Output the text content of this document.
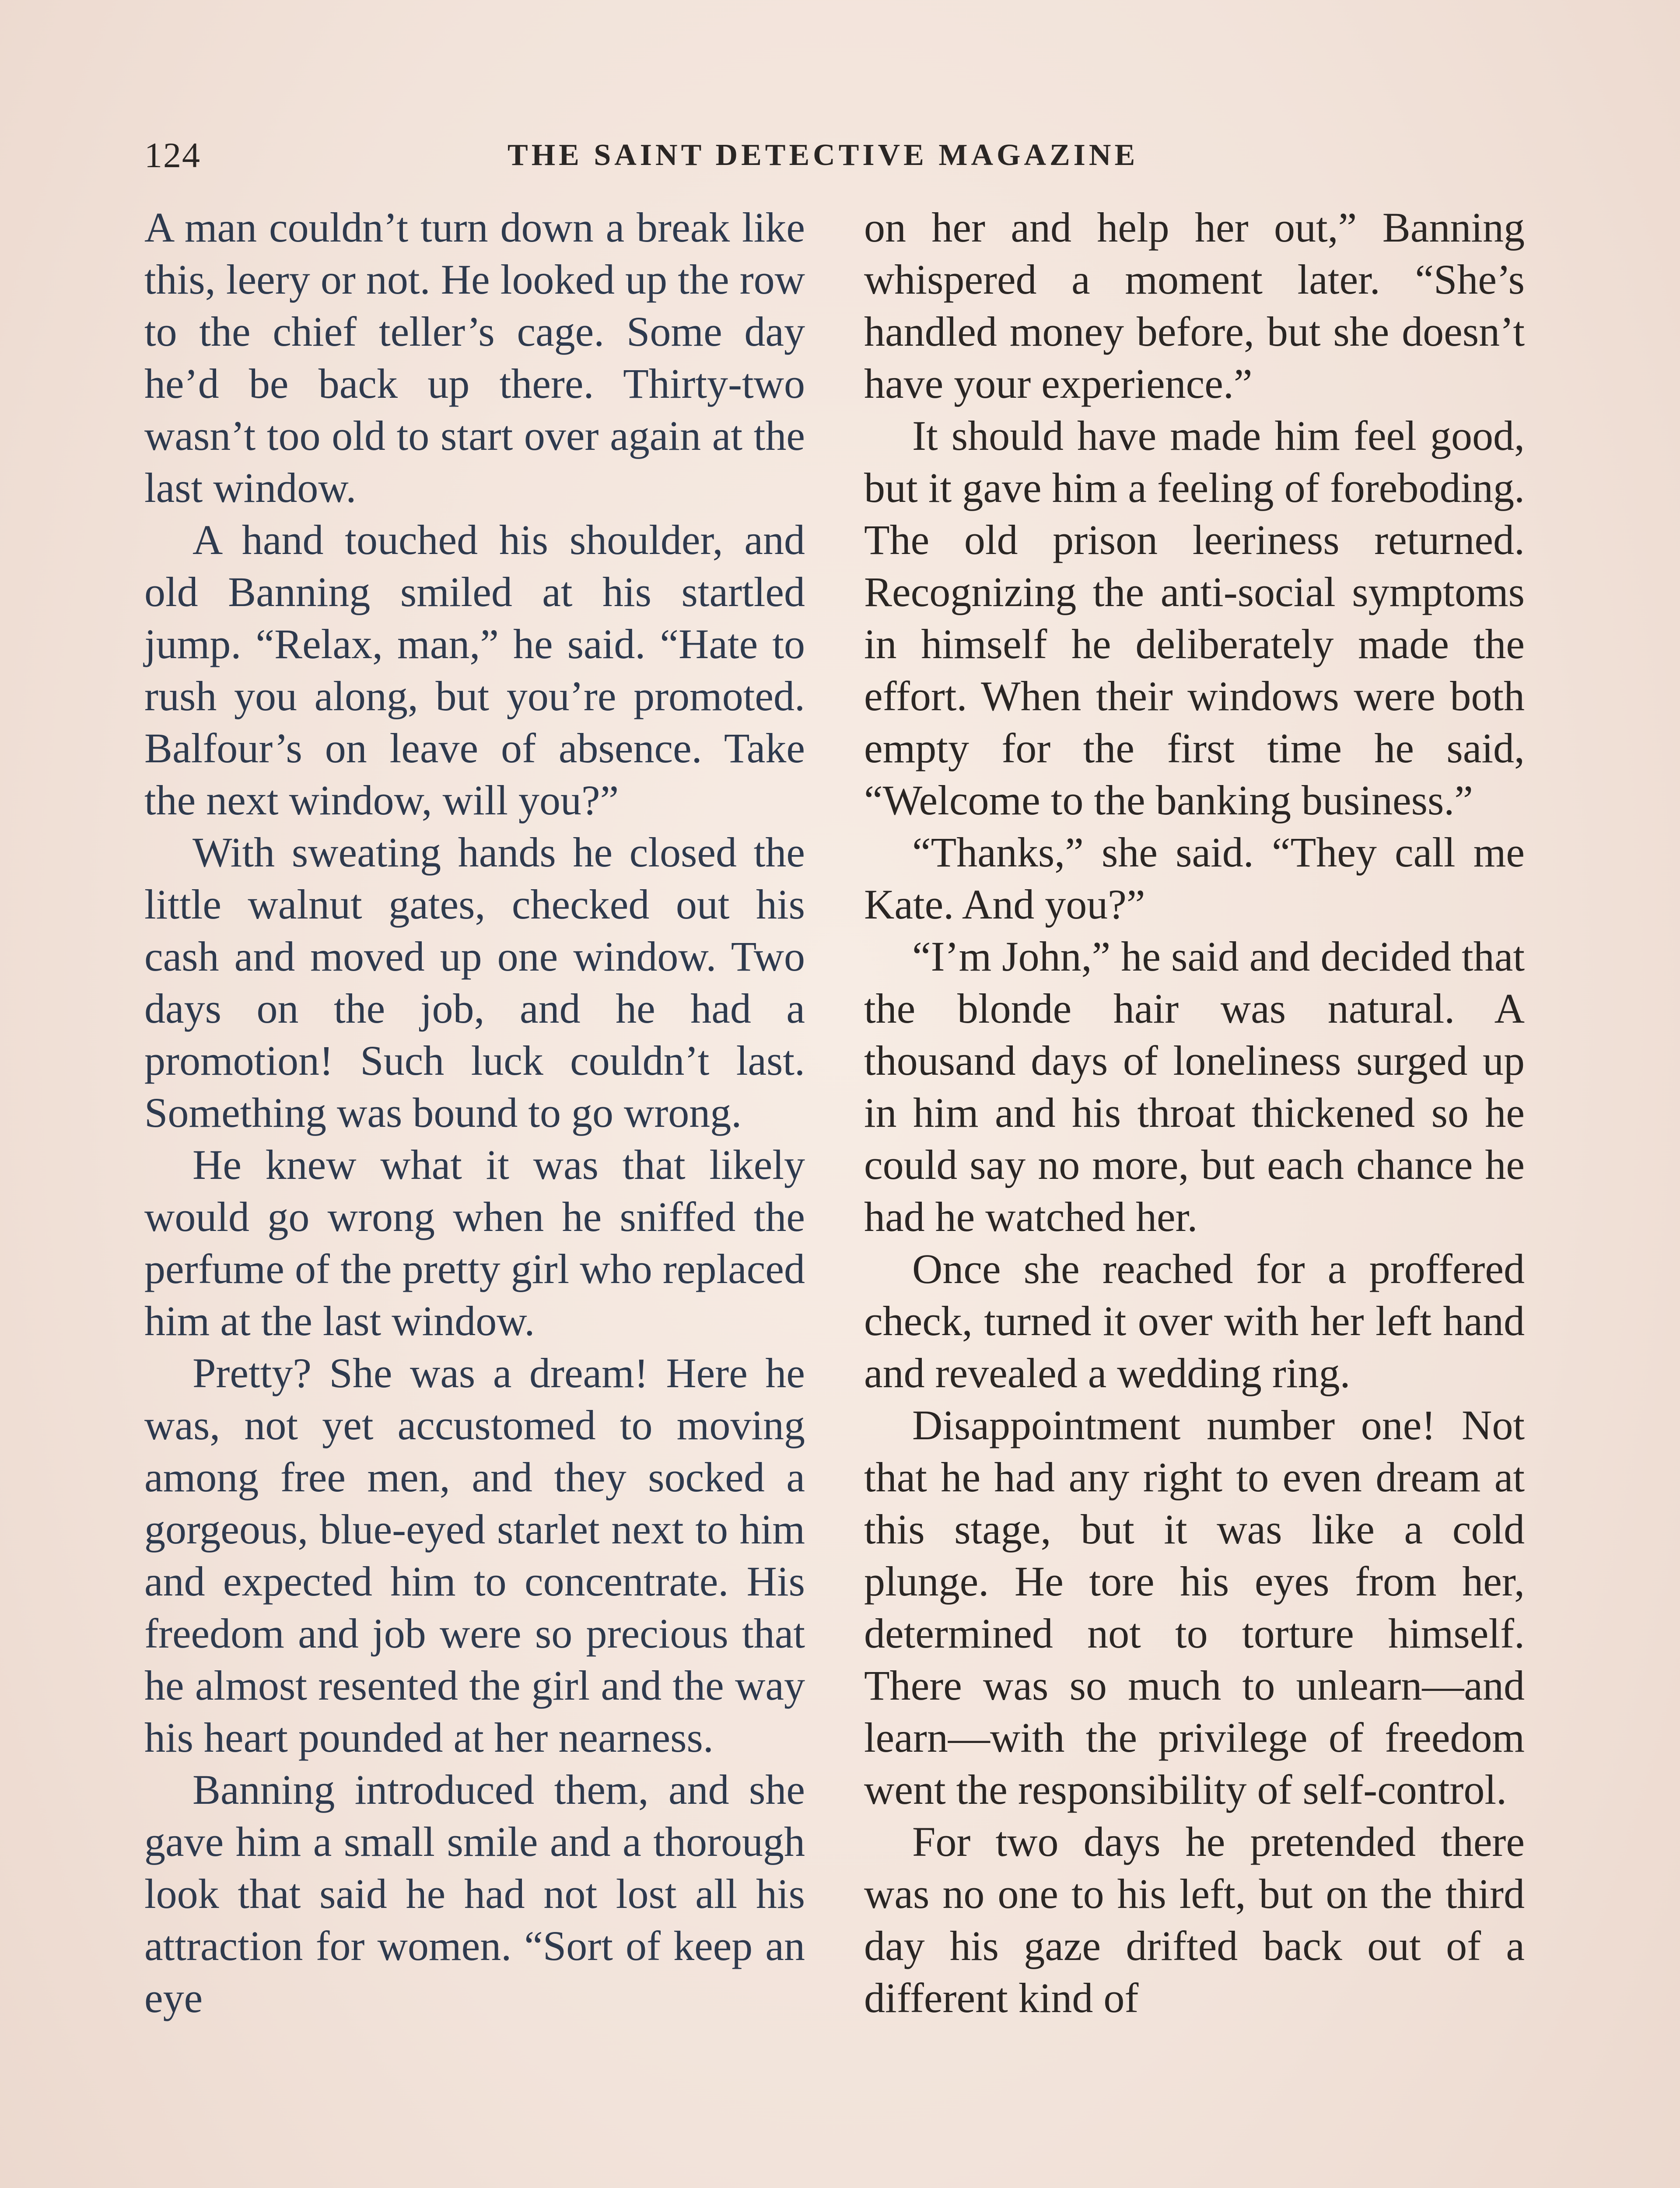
124	THE SAINT DETECTIVE MAGAZINE

A man couldn’t turn down a break like this, leery or not. He looked up the row to the chief teller’s cage. Some day he’d be back up there. Thirty-two wasn’t too old to start over again at the last window.

A hand touched his shoulder, and old Banning smiled at his startled jump. “Relax, man,” he said. “Hate to rush you along, but you’re promoted. Balfour’s on leave of absence. Take the next window, will you?”

With sweating hands he closed the little walnut gates, checked out his cash and moved up one window. Two days on the job, and he had a promotion! Such luck couldn’t last. Something was bound to go wrong.

He knew what it was that likely would go wrong when he sniffed the perfume of the pretty girl who replaced him at the last window.

Pretty? She was a dream! Here he was, not yet accustomed to moving among free men, and they socked a gorgeous, blue-eyed starlet next to him and expected him to concentrate. His freedom and job were so precious that he almost resented the girl and the way his heart pounded at her nearness.

Banning introduced them, and she gave him a small smile and a thorough look that said he had not lost all his attraction for women. “Sort of keep an eye

on her and help her out,” Banning whispered a moment later. “She’s handled money before, but she doesn’t have your experience.”

It should have made him feel good, but it gave him a feeling of foreboding. The old prison leeriness returned. Recognizing the anti-social symptoms in himself he deliberately made the effort. When their windows were both empty for the first time he said, “Welcome to the banking business.”

“Thanks,” she said. “They call me Kate. And you?”

“I’m John,” he said and decided that the blonde hair was natural. A thousand days of loneliness surged up in him and his throat thickened so he could say no more, but each chance he had he watched her.

Once she reached for a proffered check, turned it over with her left hand and revealed a wedding ring.

Disappointment number one! Not that he had any right to even dream at this stage, but it was like a cold plunge. He tore his eyes from her, determined not to torture himself. There was so much to unlearn—and learn—with the privilege of freedom went the responsibility of self-control.

For two days he pretended there was no one to his left, but on the third day his gaze drifted back out of a different kind of
